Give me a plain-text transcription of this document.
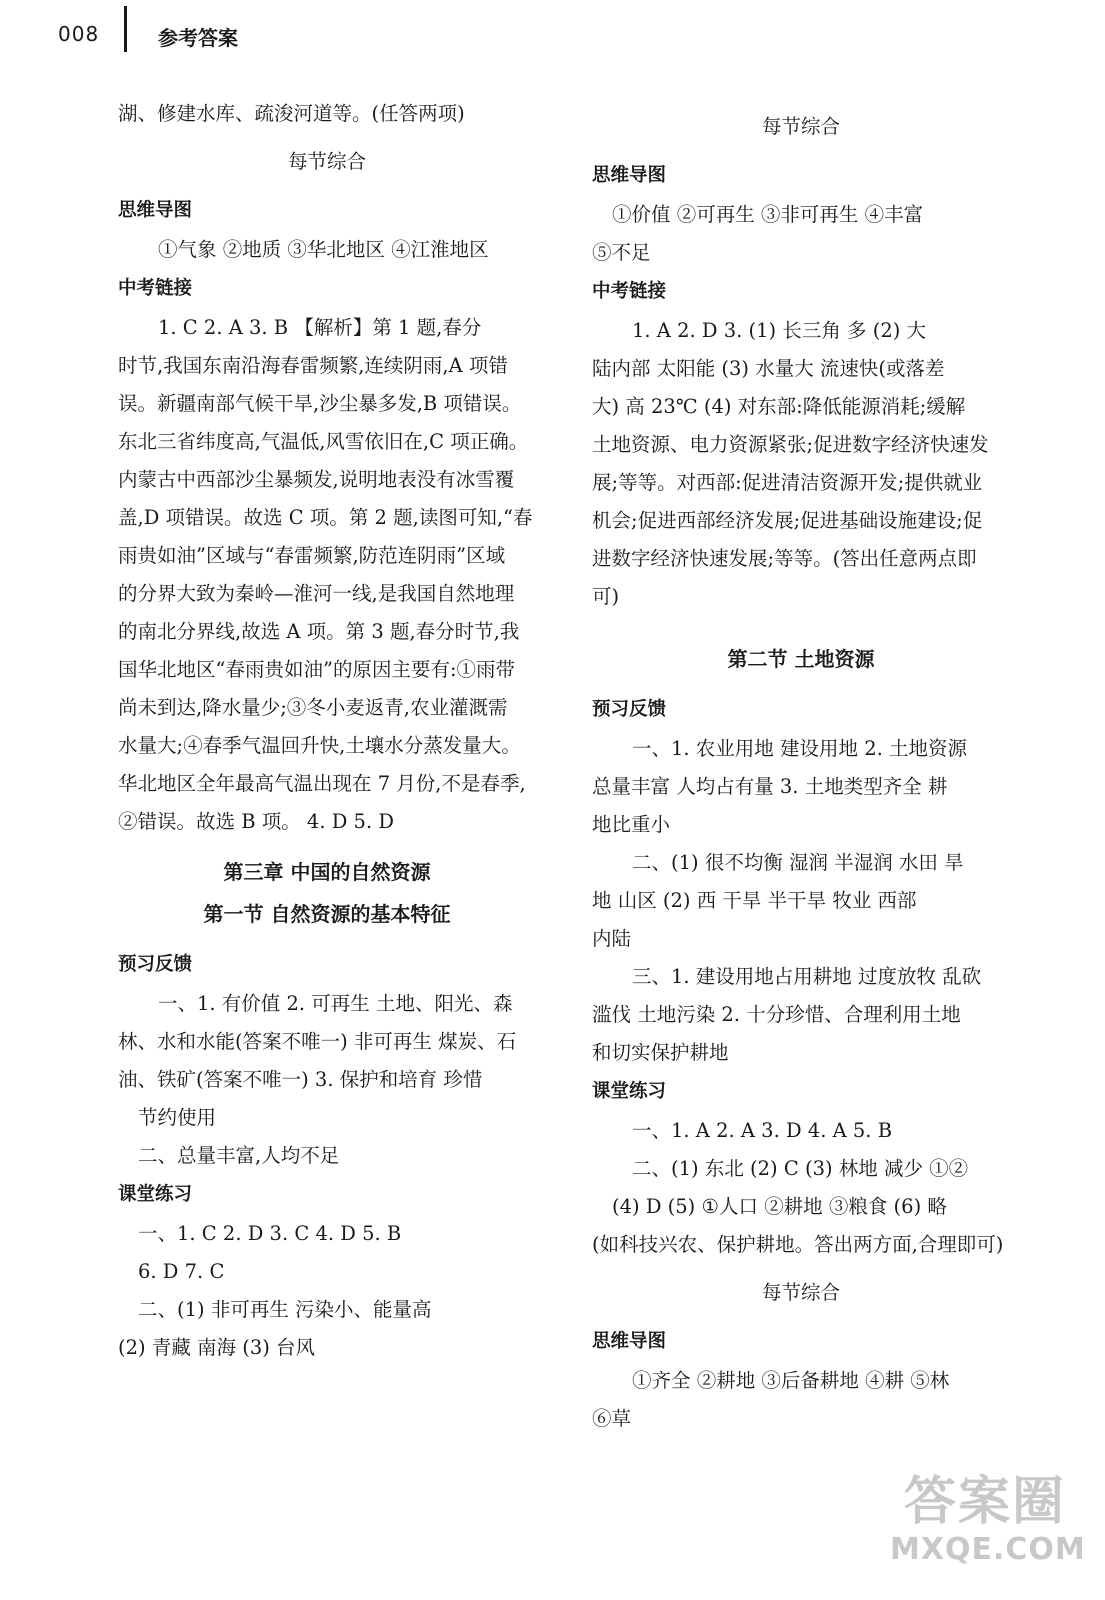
008	参考答案
湖、修建水库、疏浚河道等。(任答两项)
每节综合
思维导图
①气象 ②地质 ③华北地区 ④江淮地区
中考链接
1. C 2. A 3. B 【解析】第 1 题,春分
时节,我国东南沿海春雷频繁,连续阴雨,A 项错
误。新疆南部气候干旱,沙尘暴多发,B 项错误。
东北三省纬度高,气温低,风雪依旧在,C 项正确。
内蒙古中西部沙尘暴频发,说明地表没有冰雪覆
盖,D 项错误。故选 C 项。第 2 题,读图可知,“春
雨贵如油”区域与“春雷频繁,防范连阴雨”区域
的分界大致为秦岭—淮河一线,是我国自然地理
的南北分界线,故选 A 项。第 3 题,春分时节,我
国华北地区“春雨贵如油”的原因主要有:①雨带
尚未到达,降水量少;③冬小麦返青,农业灌溉需
水量大;④春季气温回升快,土壤水分蒸发量大。
华北地区全年最高气温出现在 7 月份,不是春季,
②错误。故选 B 项。 4. D 5. D
第三章 中国的自然资源
第一节 自然资源的基本特征
预习反馈
一、1. 有价值 2. 可再生 土地、阳光、森
林、水和水能(答案不唯一) 非可再生 煤炭、石
油、铁矿(答案不唯一) 3. 保护和培育 珍惜
节约使用
二、总量丰富,人均不足
课堂练习
一、1. C 2. D 3. C 4. D 5. B
6. D 7. C
二、(1) 非可再生 污染小、能量高
(2) 青藏 南海 (3) 台风
每节综合
思维导图
①价值 ②可再生 ③非可再生 ④丰富
⑤不足
中考链接
1. A 2. D 3. (1) 长三角 多 (2) 大
陆内部 太阳能 (3) 水量大 流速快(或落差
大) 高 23℃ (4) 对东部:降低能源消耗;缓解
土地资源、电力资源紧张;促进数字经济快速发
展;等等。对西部:促进清洁资源开发;提供就业
机会;促进西部经济发展;促进基础设施建设;促
进数字经济快速发展;等等。(答出任意两点即
可)
第二节 土地资源
预习反馈
一、1. 农业用地 建设用地 2. 土地资源
总量丰富 人均占有量 3. 土地类型齐全 耕
地比重小
二、(1) 很不均衡 湿润 半湿润 水田 旱
地 山区 (2) 西 干旱 半干旱 牧业 西部
内陆
三、1. 建设用地占用耕地 过度放牧 乱砍
滥伐 土地污染 2. 十分珍惜、合理利用土地
和切实保护耕地
课堂练习
一、1. A 2. A 3. D 4. A 5. B
二、(1) 东北 (2) C (3) 林地 减少 ①②
(4) D (5) ①人口 ②耕地 ③粮食 (6) 略
(如科技兴农、保护耕地。答出两方面,合理即可)
每节综合
思维导图
①齐全 ②耕地 ③后备耕地 ④耕 ⑤林
⑥草
答案圈
MXQE.COM
